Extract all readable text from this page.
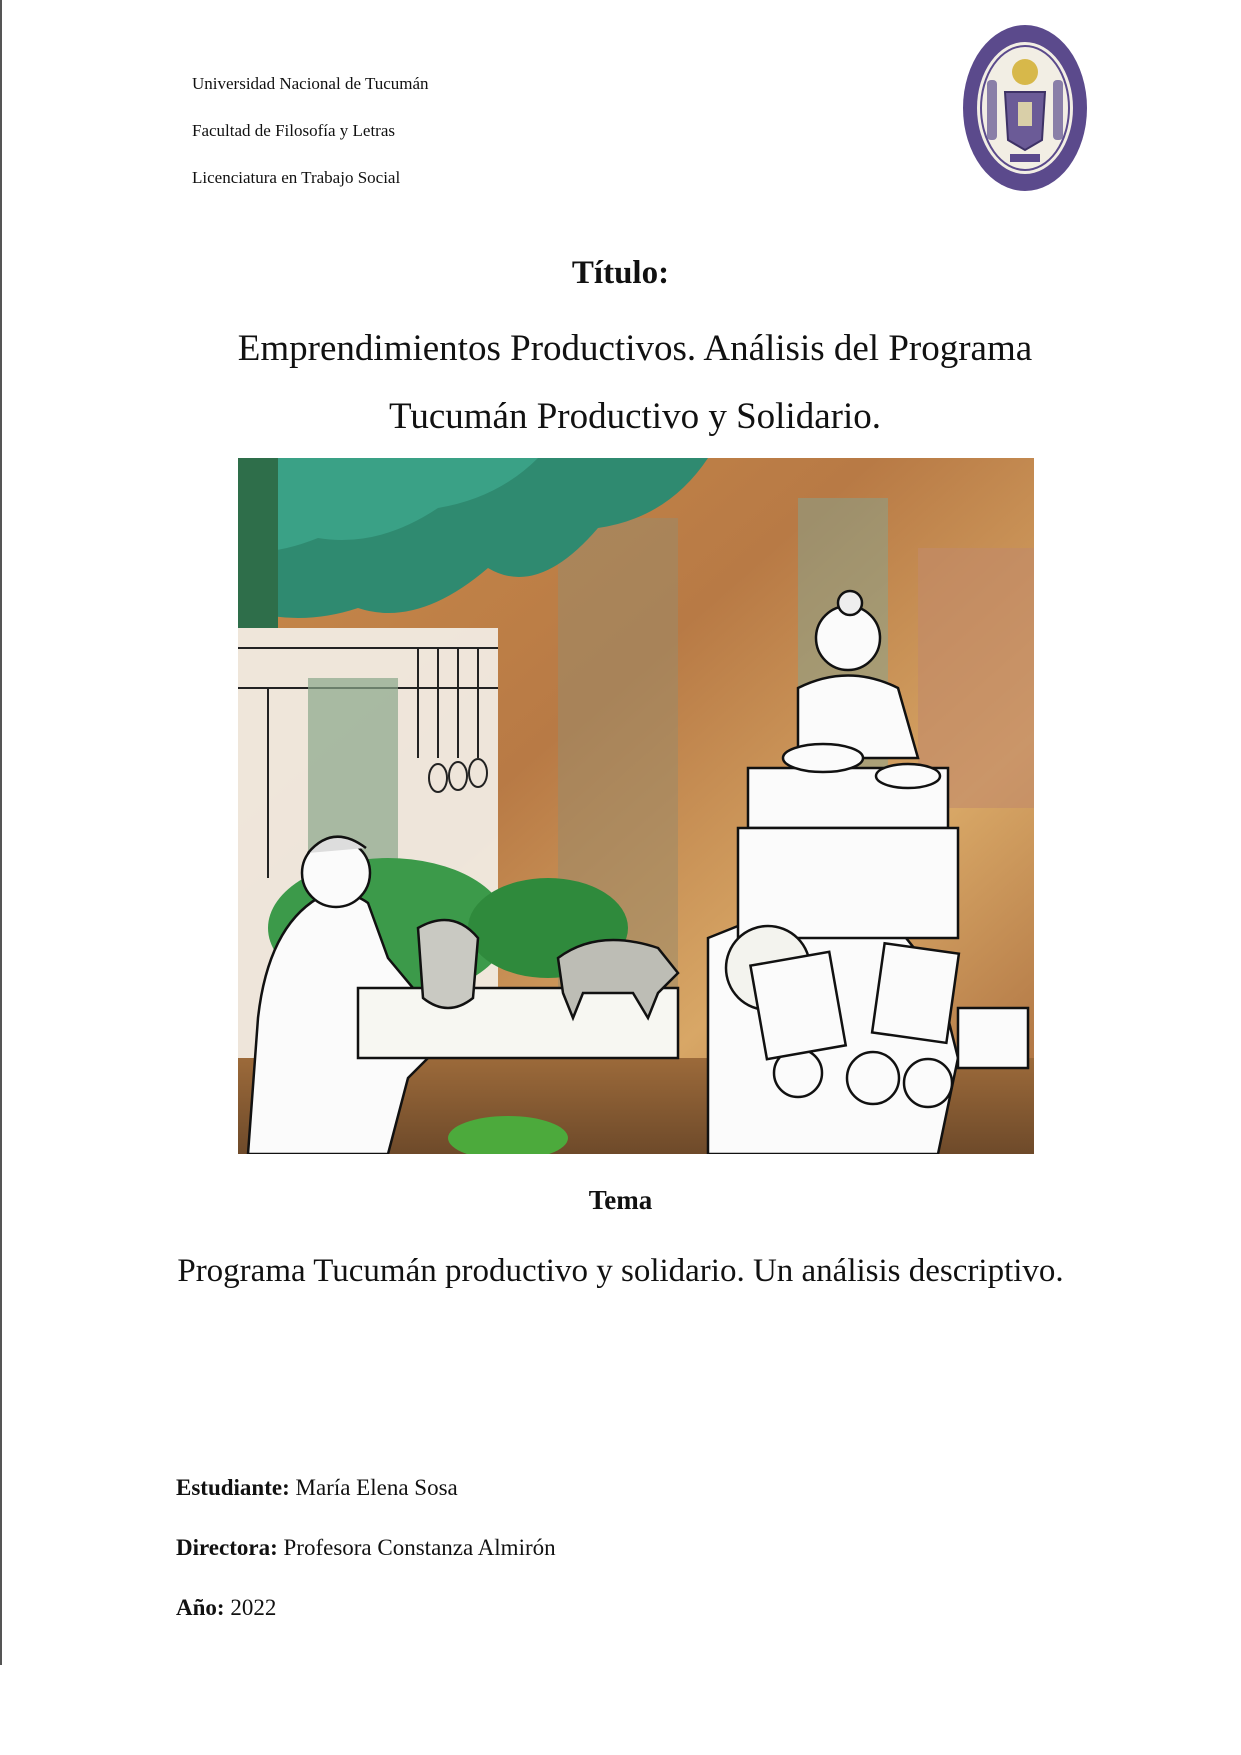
Universidad Nacional de Tucumán
Facultad de Filosofía y Letras
Licenciatura en Trabajo Social
Título:
Emprendimientos Productivos. Análisis del Programa
Tucumán Productivo y Solidario.
Tema
Programa Tucumán productivo y solidario. Un análisis descriptivo.
Estudiante: María Elena Sosa
Directora: Profesora Constanza Almirón
Año: 2022
